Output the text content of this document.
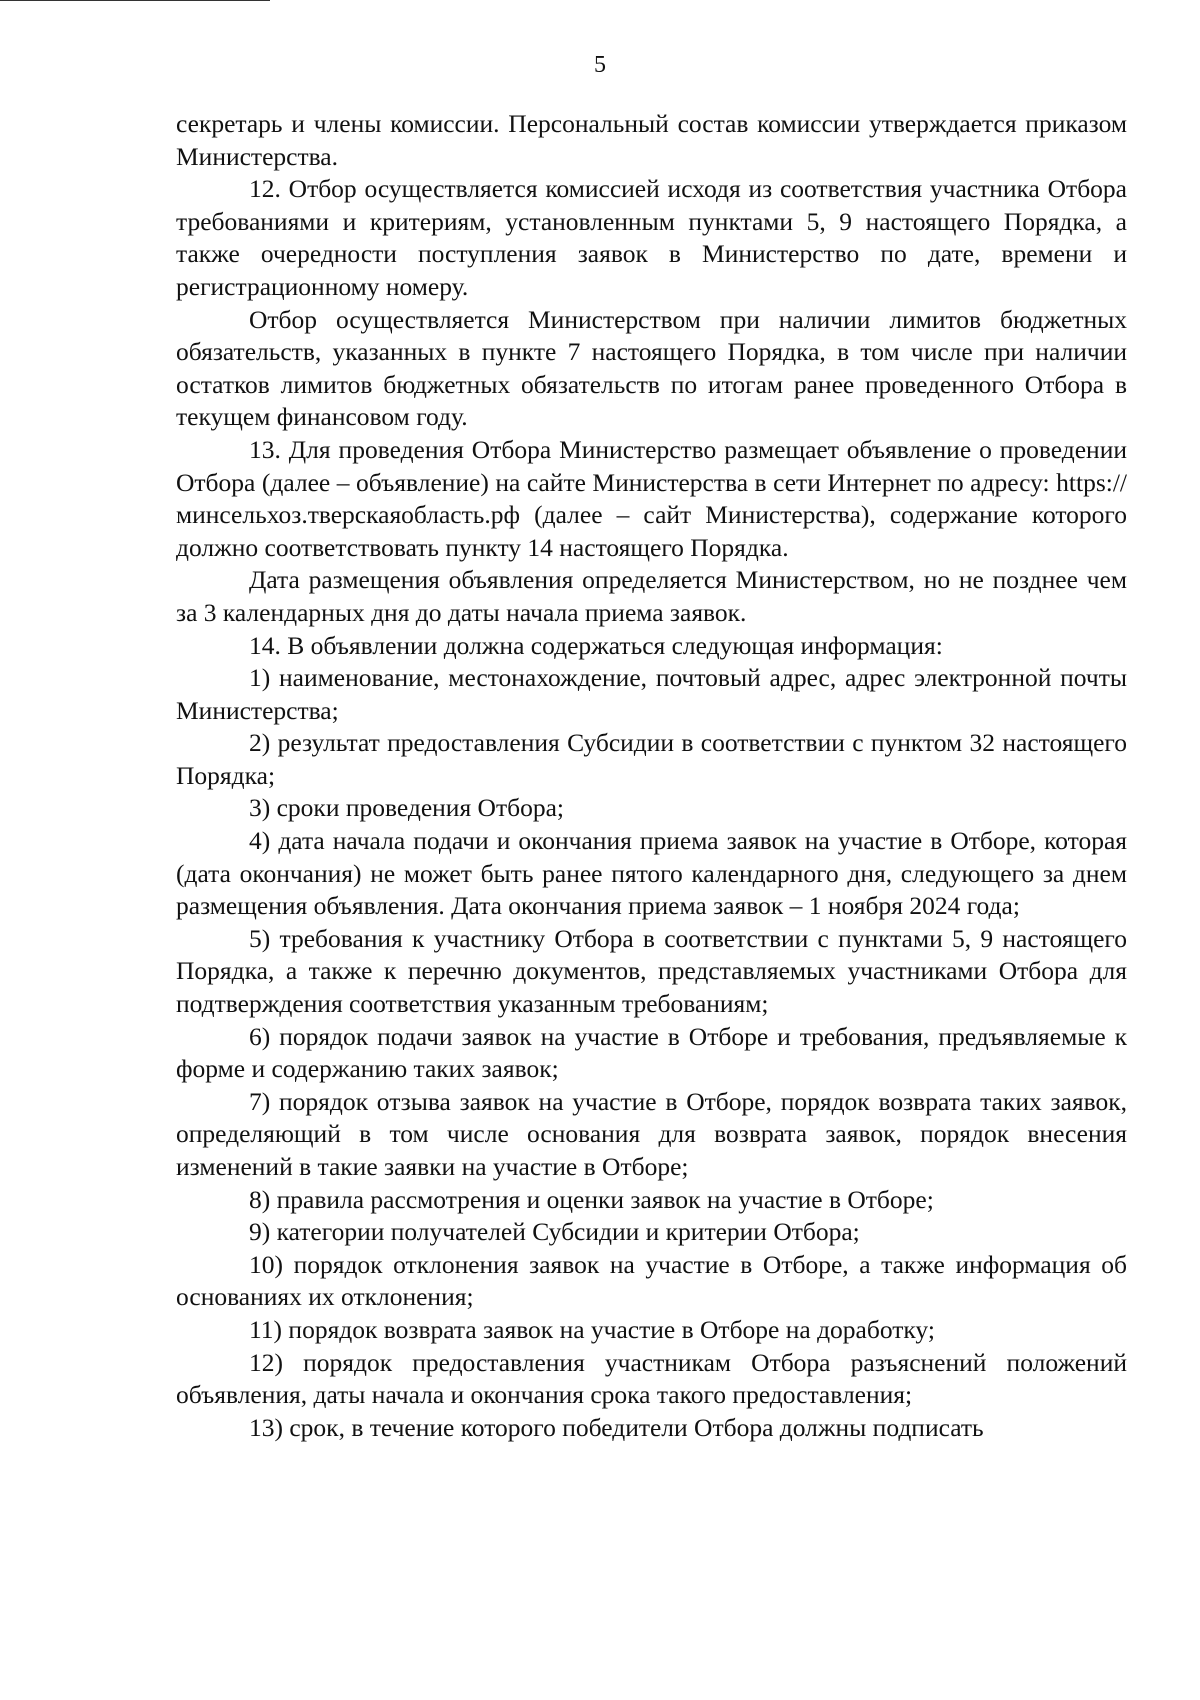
5

секретарь и члены комиссии. Персональный состав комиссии утверждается приказом Министерства.

12. Отбор осуществляется комиссией исходя из соответствия участника Отбора требованиями и критериям, установленным пунктами 5, 9 настоящего Порядка, а также очередности поступления заявок в Министерство по дате, времени и регистрационному номеру.

Отбор осуществляется Министерством при наличии лимитов бюджетных обязательств, указанных в пункте 7 настоящего Порядка, в том числе при наличии остатков лимитов бюджетных обязательств по итогам ранее проведенного Отбора в текущем финансовом году.

13. Для проведения Отбора Министерство размещает объявление о проведении Отбора (далее – объявление) на сайте Министерства в сети Интернет по адресу: https://минсельхоз.тверскаяобласть.рф (далее – сайт Министерства), содержание которого должно соответствовать пункту 14 настоящего Порядка.

Дата размещения объявления определяется Министерством, но не позднее чем за 3 календарных дня до даты начала приема заявок.

14. В объявлении должна содержаться следующая информация:

1) наименование, местонахождение, почтовый адрес, адрес электронной почты Министерства;

2) результат предоставления Субсидии в соответствии с пунктом 32 настоящего Порядка;

3) сроки проведения Отбора;

4) дата начала подачи и окончания приема заявок на участие в Отборе, которая (дата окончания) не может быть ранее пятого календарного дня, следующего за днем размещения объявления. Дата окончания приема заявок – 1 ноября 2024 года;

5) требования к участнику Отбора в соответствии с пунктами 5, 9 настоящего Порядка, а также к перечню документов, представляемых участниками Отбора для подтверждения соответствия указанным требованиям;

6) порядок подачи заявок на участие в Отборе и требования, предъявляемые к форме и содержанию таких заявок;

7) порядок отзыва заявок на участие в Отборе, порядок возврата таких заявок, определяющий в том числе основания для возврата заявок, порядок внесения изменений в такие заявки на участие в Отборе;

8) правила рассмотрения и оценки заявок на участие в Отборе;

9) категории получателей Субсидии и критерии Отбора;

10) порядок отклонения заявок на участие в Отборе, а также информация об основаниях их отклонения;

11) порядок возврата заявок на участие в Отборе на доработку;

12) порядок предоставления участникам Отбора разъяснений положений объявления, даты начала и окончания срока такого предоставления;

13) срок, в течение которого победители Отбора должны подписать
